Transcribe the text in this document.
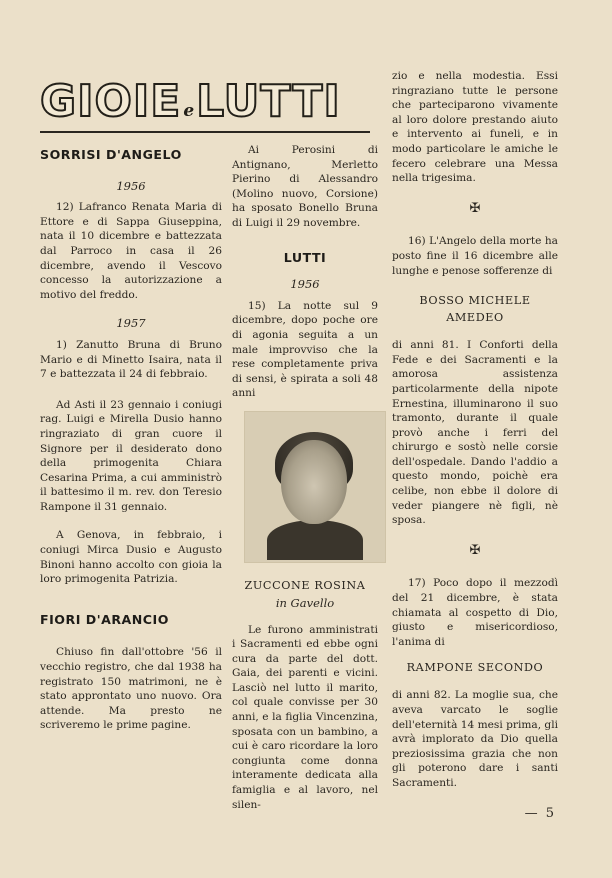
GIOIE eLUTTI
SORRISI D'ANGELO
1956

12) Lafranco Renata Maria di Ettore e di Sappa Giuseppina, nata il 10 dicembre e battezzata dal Parroco in casa il 26 dicembre, avendo il Vescovo concesso la autorizzazione a motivo del freddo.

1957

1) Zanutto Bruna di Bruno Mario e di Minetto Isaira, nata il 7 e battezzata il 24 di febbraio.

Ad Asti il 23 gennaio i coniugi rag. Luigi e Mirella Dusio hanno ringraziato di gran cuore il Signore per il desiderato dono della primogenita Chiara Cesarina Prima, a cui amministrò il battesimo il m. rev. don Teresio Rampone il 31 gennaio.

A Genova, in febbraio, i coniugi Mirca Dusio e Augusto Binoni hanno accolto con gioia la loro primogenita Patrizia.

FIORI D'ARANCIO

Chiuso fin dall'ottobre '56 il vecchio registro, che dal 1938 ha registrato 150 matrimoni, ne è stato approntato uno nuovo. Ora attende. Ma presto ne scriveremo le prime pagine.

Ai Perosini di Antignano, Merletto Pierino di Alessandro (Molino nuovo, Corsione) ha sposato Bonello Bruna di Luigi il 29 novembre.

LUTTI
1956

15) La notte sul 9 dicembre, dopo poche ore di agonia seguita a un male improvviso che la rese completamente priva di sensi, è spirata a soli 48 anni

ZUCCONE ROSINA
in Gavello

Le furono amministrati i Sacramenti ed ebbe ogni cura da parte del dott. Gaia, dei parenti e vicini. Lasciò nel lutto il marito, col quale convisse per 30 anni, e la figlia Vincenzina, sposata con un bambino, a cui è caro ricordare la loro congiunta come donna interamente dedicata alla famiglia e al lavoro, nel silen-

zio e nella modestia. Essi ringraziano tutte le persone che parteciparono vivamente al loro dolore prestando aiuto e intervento ai funeli, e in modo particolare le amiche le fecero celebrare una Messa nella trigesima.

✠

16) L'Angelo della morte ha posto fine il 16 dicembre alle lunghe e penose sofferenze di

BOSSO MICHELE
AMEDEO

di anni 81. I Conforti della Fede e dei Sacramenti e la amorosa assistenza particolarmente della nipote Ernestina, illuminarono il suo tramonto, durante il quale provò anche i ferri del chirurgo e sostò nelle corsie dell'ospedale. Dando l'addio a questo mondo, poichè era celibe, non ebbe il dolore di veder piangere nè figli, nè sposa.

✠

17) Poco dopo il mezzodì del 21 dicembre, è stata chiamata al cospetto di Dio, giusto e misericordioso, l'anima di

RAMPONE SECONDO

di anni 82. La moglie sua, che aveva varcato le soglie dell'eternità 14 mesi prima, gli avrà implorato da Dio quella preziosissima grazia che non gli poterono dare i santi Sacramenti.

— 5
